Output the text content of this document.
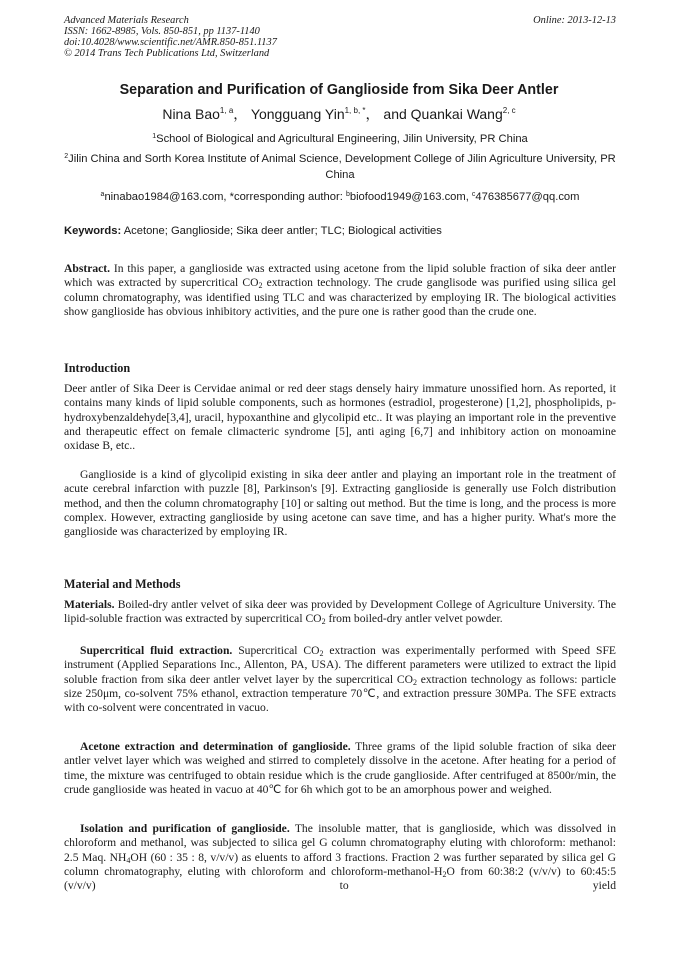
Advanced Materials Research
ISSN: 1662-8985, Vols. 850-851, pp 1137-1140
doi:10.4028/www.scientific.net/AMR.850-851.1137
© 2014 Trans Tech Publications Ltd, Switzerland
Online: 2013-12-13
Separation and Purification of Ganglioside from Sika Deer Antler
Nina Bao$^{1, a}$， Yongguang Yin$^{1, b, *}$， and Quankai Wang$^{2, c}$
$^1$School of Biological and Agricultural Engineering, Jilin University, PR China
$^2$Jilin China and Sorth Korea Institute of Animal Science, Development College of Jilin Agriculture University, PR China
$^a$ninabao1984@163.com, *corresponding author: $^b$biofood1949@163.com, $^c$476385677@qq.com
Keywords: Acetone; Ganglioside; Sika deer antler; TLC; Biological activities
Abstract. In this paper, a ganglioside was extracted using acetone from the lipid soluble fraction of sika deer antler which was extracted by supercritical $CO_2$ extraction technology. The crude ganglisode was purified using silica gel column chromatography, was identified using TLC and was characterized by employing IR. The biological activities show ganglioside has obvious inhibitory activities, and the pure one is rather good than the crude one.
Introduction
Deer antler of Sika Deer is Cervidae animal or red deer stags densely hairy immature unossified horn. As reported, it contains many kinds of lipid soluble components, such as hormones (estradiol, progesterone) [1,2], phospholipids, p-hydroxybenzaldehyde[3,4], uracil, hypoxanthine and glycolipid etc.. It was playing an important role in the preventive and therapeutic effect on female climacteric syndrome [5], anti aging [6,7] and inhibitory action on monoamine oxidase B, etc..
Ganglioside is a kind of glycolipid existing in sika deer antler and playing an important role in the treatment of acute cerebral infarction with puzzle [8], Parkinson's [9]. Extracting ganglioside is generally use Folch distribution method, and then the column chromatography [10] or salting out method. But the time is long, and the process is more complex. However, extracting ganglioside by using acetone can save time, and has a higher purity. What's more the ganglioside was characterized by employing IR.
Material and Methods
Materials. Boiled-dry antler velvet of sika deer was provided by Development College of Agriculture University. The lipid-soluble fraction was extracted by supercritical $CO_2$ from boiled-dry antler velvet powder.
Supercritical fluid extraction. Supercritical $CO_2$ extraction was experimentally performed with Speed SFE instrument (Applied Separations Inc., Allenton, PA, USA). The different parameters were utilized to extract the lipid soluble fraction from sika deer antler velvet layer by the supercritical $CO_2$ extraction technology as follows: particle size 250μm, co-solvent 75% ethanol, extraction temperature 70℃, and extraction pressure 30MPa. The SFE extracts with co-solvent were concentrated in vacuo.
Acetone extraction and determination of ganglioside. Three grams of the lipid soluble fraction of sika deer antler velvet layer which was weighed and stirred to completely dissolve in the acetone. After heating for a period of time, the mixture was centrifuged to obtain residue which is the crude ganglioside. After centrifuged at 8500r/min, the crude ganglioside was heated in vacuo at 40℃ for 6h which got to be an amorphous power and weighed.
Isolation and purification of ganglioside. The insoluble matter, that is ganglioside, which was dissolved in chloroform and methanol, was subjected to silica gel G column chromatography eluting with chloroform: methanol: 2.5 Maq. $NH_4OH$ (60 : 35 : 8, v/v/v) as eluents to afford 3 fractions. Fraction 2 was further separated by silica gel G column chromatography, eluting with chloroform and chloroform-$methanol-H_2O$ from 60:38:2 (v/v/v) to 60:45:5 (v/v/v) to yield
